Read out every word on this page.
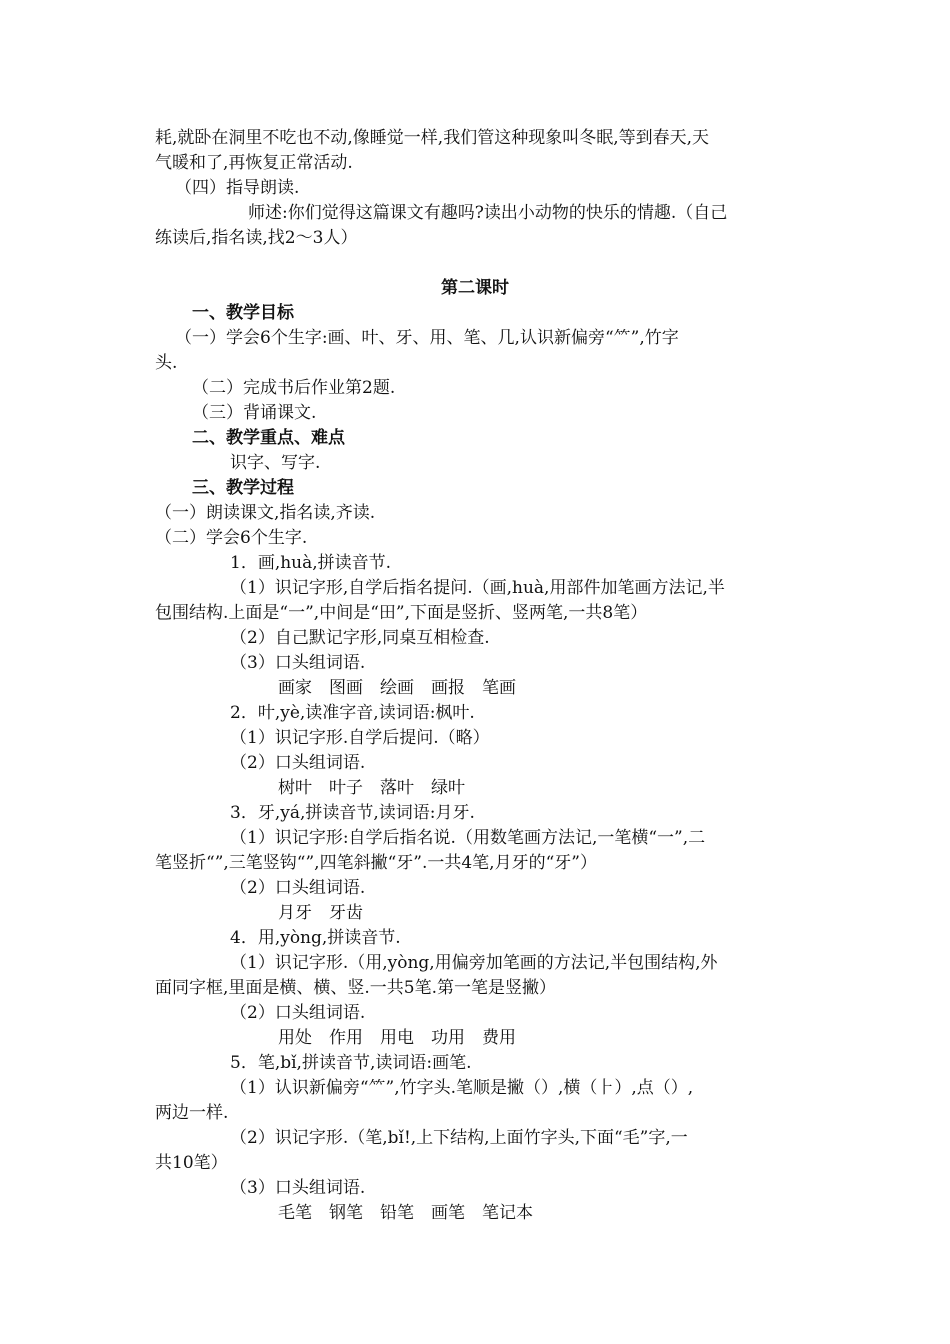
耗,就卧在洞里不吃也不动,像睡觉一样,我们管这种现象叫冬眠,等到春天,天
气暖和了,再恢复正常活动.
（四）指导朗读.
师述:你们觉得这篇课文有趣吗?读出小动物的快乐的情趣.（自己
练读后,指名读,找2～3人）
第二课时
一、教学目标
（一）学会6个生字:画、叶、牙、用、笔、几,认识新偏旁“⺮”,竹字
头.
（二）完成书后作业第2题.
（三）背诵课文.
二、教学重点、难点
识字、写字.
三、教学过程
（一）朗读课文,指名读,齐读.
（二）学会6个生字.
1．画,huà,拼读音节.
（1）识记字形,自学后指名提问.（画,huà,用部件加笔画方法记,半
包围结构.上面是“一”,中间是“田”,下面是竖折、竖两笔,一共8笔）
（2）自己默记字形,同桌互相检查.
（3）口头组词语.
画家　图画　绘画　画报　笔画
2．叶,yè,读准字音,读词语:枫叶.
（1）识记字形.自学后提问.（略）
（2）口头组词语.
树叶　叶子　落叶　绿叶
3．牙,yá,拼读音节,读词语:月牙.
（1）识记字形:自学后指名说.（用数笔画方法记,一笔横“一”,二
笔竖折“”,三笔竖钩“”,四笔斜撇“牙”.一共4笔,月牙的“牙”）
（2）口头组词语.
月牙　牙齿
4．用,yòng,拼读音节.
（1）识记字形.（用,yòng,用偏旁加笔画的方法记,半包围结构,外
面同字框,里面是横、横、竖.一共5笔.第一笔是竖撇）
（2）口头组词语.
用处　作用　用电　功用　费用
5．笔,bǐ,拼读音节,读词语:画笔.
（1）认识新偏旁“⺮”,竹字头.笔顺是撇（）,横（⺊）,点（）,
两边一样.
（2）识记字形.（笔,bǐ!,上下结构,上面竹字头,下面“毛”字,一
共10笔）
（3）口头组词语.
毛笔　钢笔　铅笔　画笔　笔记本
